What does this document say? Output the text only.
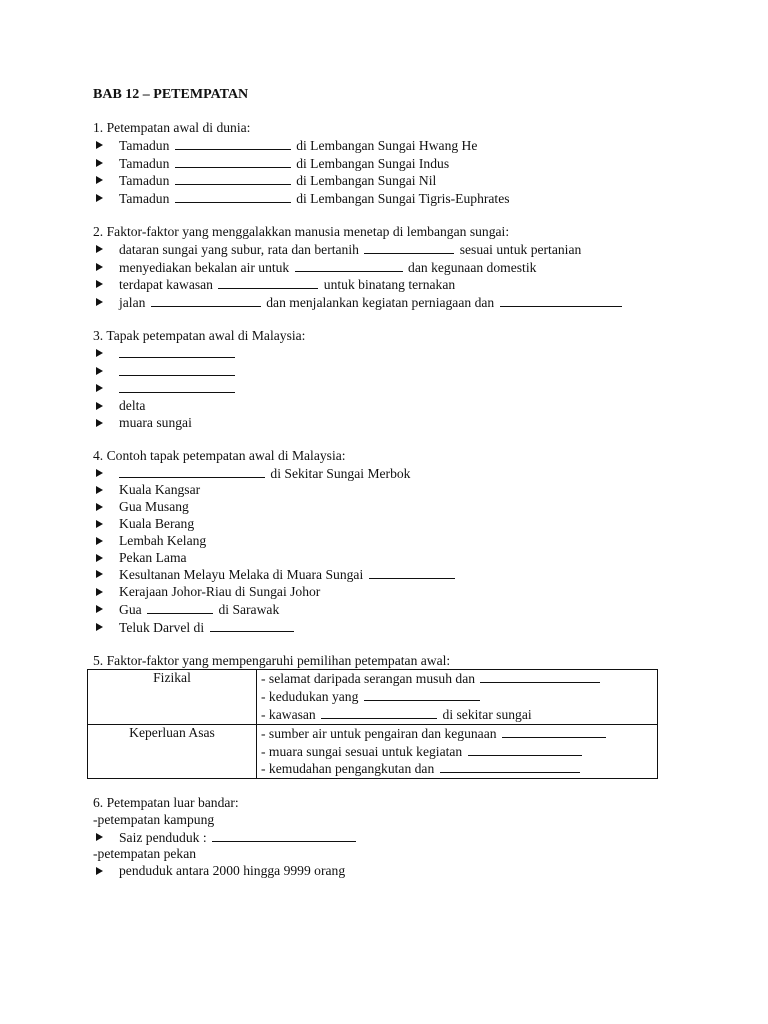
BAB 12 – PETEMPATAN
1. Petempatan awal di dunia:
Tamadun	di Lembangan Sungai Hwang He
Tamadun	di Lembangan Sungai Indus
Tamadun	di Lembangan Sungai Nil
Tamadun	di Lembangan Sungai Tigris-Euphrates
2. Faktor-faktor yang menggalakkan manusia menetap di lembangan sungai:
dataran sungai yang subur, rata dan bertanih	sesuai untuk pertanian
menyediakan bekalan air untuk	dan kegunaan domestik
terdapat kawasan	untuk binatang ternakan
jalan	dan menjalankan kegiatan perniagaan dan
3. Tapak petempatan awal di Malaysia:
delta
muara sungai
4. Contoh tapak petempatan awal di Malaysia:
di Sekitar Sungai Merbok
Kuala Kangsar
Gua Musang
Kuala Berang
Lembah Kelang
Pekan Lama
Kesultanan Melayu Melaka di Muara Sungai
Kerajaan Johor-Riau di Sungai Johor
Gua	di Sarawak
Teluk Darvel di
5. Faktor-faktor yang mempengaruhi pemilihan petempatan awal:
Fizikal	- selamat daripada serangan musuh dan
- kedudukan yang
- kawasan di sekitar sungai

Keperluan Asas	- sumber air untuk pengairan dan kegunaan
- muara sungai sesuai untuk kegiatan
- kemudahan pengangkutan dan
6. Petempatan luar bandar:
-petempatan kampung
Saiz penduduk :
-petempatan pekan
penduduk antara 2000 hingga 9999 orang
